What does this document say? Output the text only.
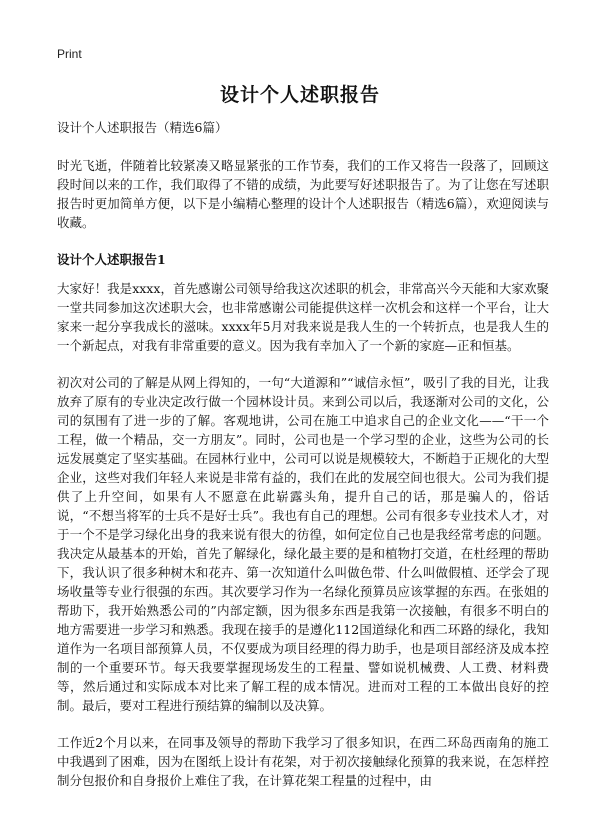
Print
设计个人述职报告

设计个人述职报告（精选6篇）

时光飞逝，伴随着比较紧凑又略显紧张的工作节奏，我们的工作又将告一段落了，回顾这段时间以来的工作，我们取得了不错的成绩，为此要写好述职报告了。为了让您在写述职报告时更加简单方便，以下是小编精心整理的设计个人述职报告（精选6篇），欢迎阅读与收藏。

设计个人述职报告1

大家好！我是xxxx，首先感谢公司领导给我这次述职的机会，非常高兴今天能和大家欢聚一堂共同参加这次述职大会，也非常感谢公司能提供这样一次机会和这样一个平台，让大家来一起分享我成长的滋味。xxxx年5月对我来说是我人生的一个转折点，也是我人生的一个新起点，对我有非常重要的意义。因为我有幸加入了一个新的家庭—正和恒基。

初次对公司的了解是从网上得知的，一句“大道源和”“诚信永恒”，吸引了我的目光，让我放弃了原有的专业决定改行做一个园林设计员。来到公司以后，我逐渐对公司的文化，公司的氛围有了进一步的了解。客观地讲，公司在施工中追求自己的企业文化——“干一个工程，做一个精品，交一方朋友”。同时，公司也是一个学习型的企业，这些为公司的长远发展奠定了坚实基础。在园林行业中，公司可以说是规模较大，不断趋于正规化的大型企业，这些对我们年轻人来说是非常有益的，我们在此的发展空间也很大。公司为我们提供了上升空间，如果有人不愿意在此崭露头角，提升自己的话，那是骗人的，俗话说，“不想当将军的士兵不是好士兵”。我也有自己的理想。公司有很多专业技术人才，对于一个不是学习绿化出身的我来说有很大的彷徨，如何定位自己也是我经常考虑的问题。我决定从最基本的开始，首先了解绿化，绿化最主要的是和植物打交道，在杜经理的帮助下，我认识了很多种树木和花卉、第一次知道什么叫做色带、什么叫做假植、还学会了现场收量等专业行很强的东西。其次要学习作为一名绿化预算员应该掌握的东西。在张姐的帮助下，我开始熟悉公司的”内部定额，因为很多东西是我第一次接触，有很多不明白的地方需要进一步学习和熟悉。我现在接手的是遵化112国道绿化和西二环路的绿化，我知道作为一名项目部预算人员，不仅要成为项目经理的得力助手，也是项目部经济及成本控制的一个重要环节。每天我要掌握现场发生的工程量、譬如说机械费、人工费、材料费等，然后通过和实际成本对比来了解工程的成本情况。进而对工程的工本做出良好的控制。最后，要对工程进行预结算的编制以及决算。

工作近2个月以来，在同事及领导的帮助下我学习了很多知识，在西二环岛西南角的施工中我遇到了困难，因为在图纸上设计有花架，对于初次接触绿化预算的我来说，在怎样控制分包报价和自身报价上难住了我，在计算花架工程量的过程中，由
